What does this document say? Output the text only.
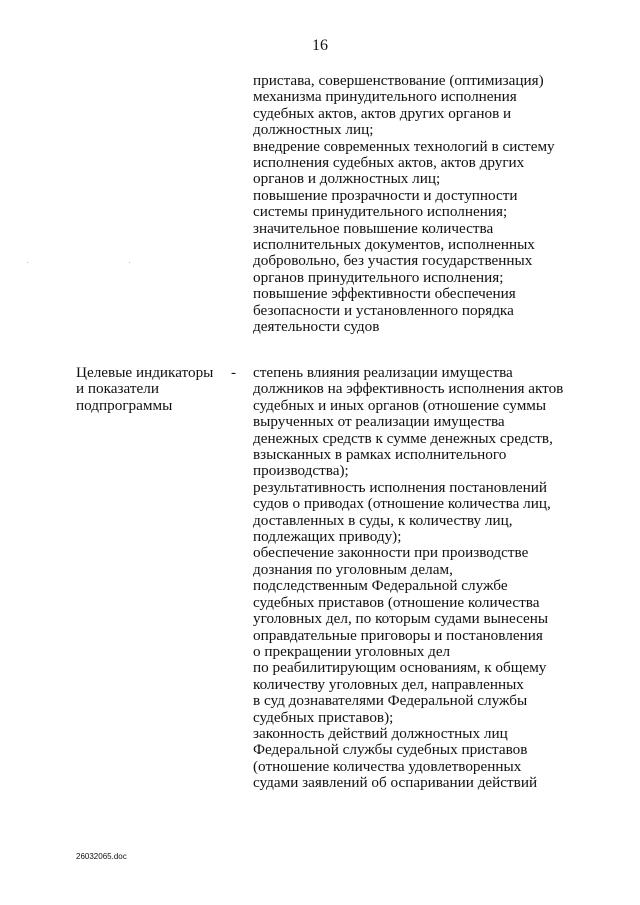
16
пристава, совершенствование (оптимизация)
механизма принудительного исполнения
судебных актов, актов других органов и
должностных лиц;
внедрение современных технологий в систему
исполнения судебных актов, актов других
органов и должностных лиц;
повышение прозрачности и доступности
системы принудительного исполнения;
значительное повышение количества
исполнительных документов, исполненных
добровольно, без участия государственных
органов принудительного исполнения;
повышение эффективности обеспечения
безопасности и установленного порядка
деятельности судов
Целевые индикаторы
и показатели
подпрограммы
- степень влияния реализации имущества
должников на эффективность исполнения актов
судебных и иных органов (отношение суммы
вырученных от реализации имущества
денежных средств к сумме денежных средств,
взысканных в рамках исполнительного
производства);
результативность исполнения постановлений
судов о приводах (отношение количества лиц,
доставленных в суды, к количеству лиц,
подлежащих приводу);
обеспечение законности при производстве
дознания по уголовным делам,
подследственным Федеральной службе
судебных приставов (отношение количества
уголовных дел, по которым судами вынесены
оправдательные приговоры и постановления
о прекращении уголовных дел
по реабилитирующим основаниям, к общему
количеству уголовных дел, направленных
в суд дознавателями Федеральной службы
судебных приставов);
законность действий должностных лиц
Федеральной службы судебных приставов
(отношение количества удовлетворенных
судами заявлений об оспаривании действий
26032065.doc
